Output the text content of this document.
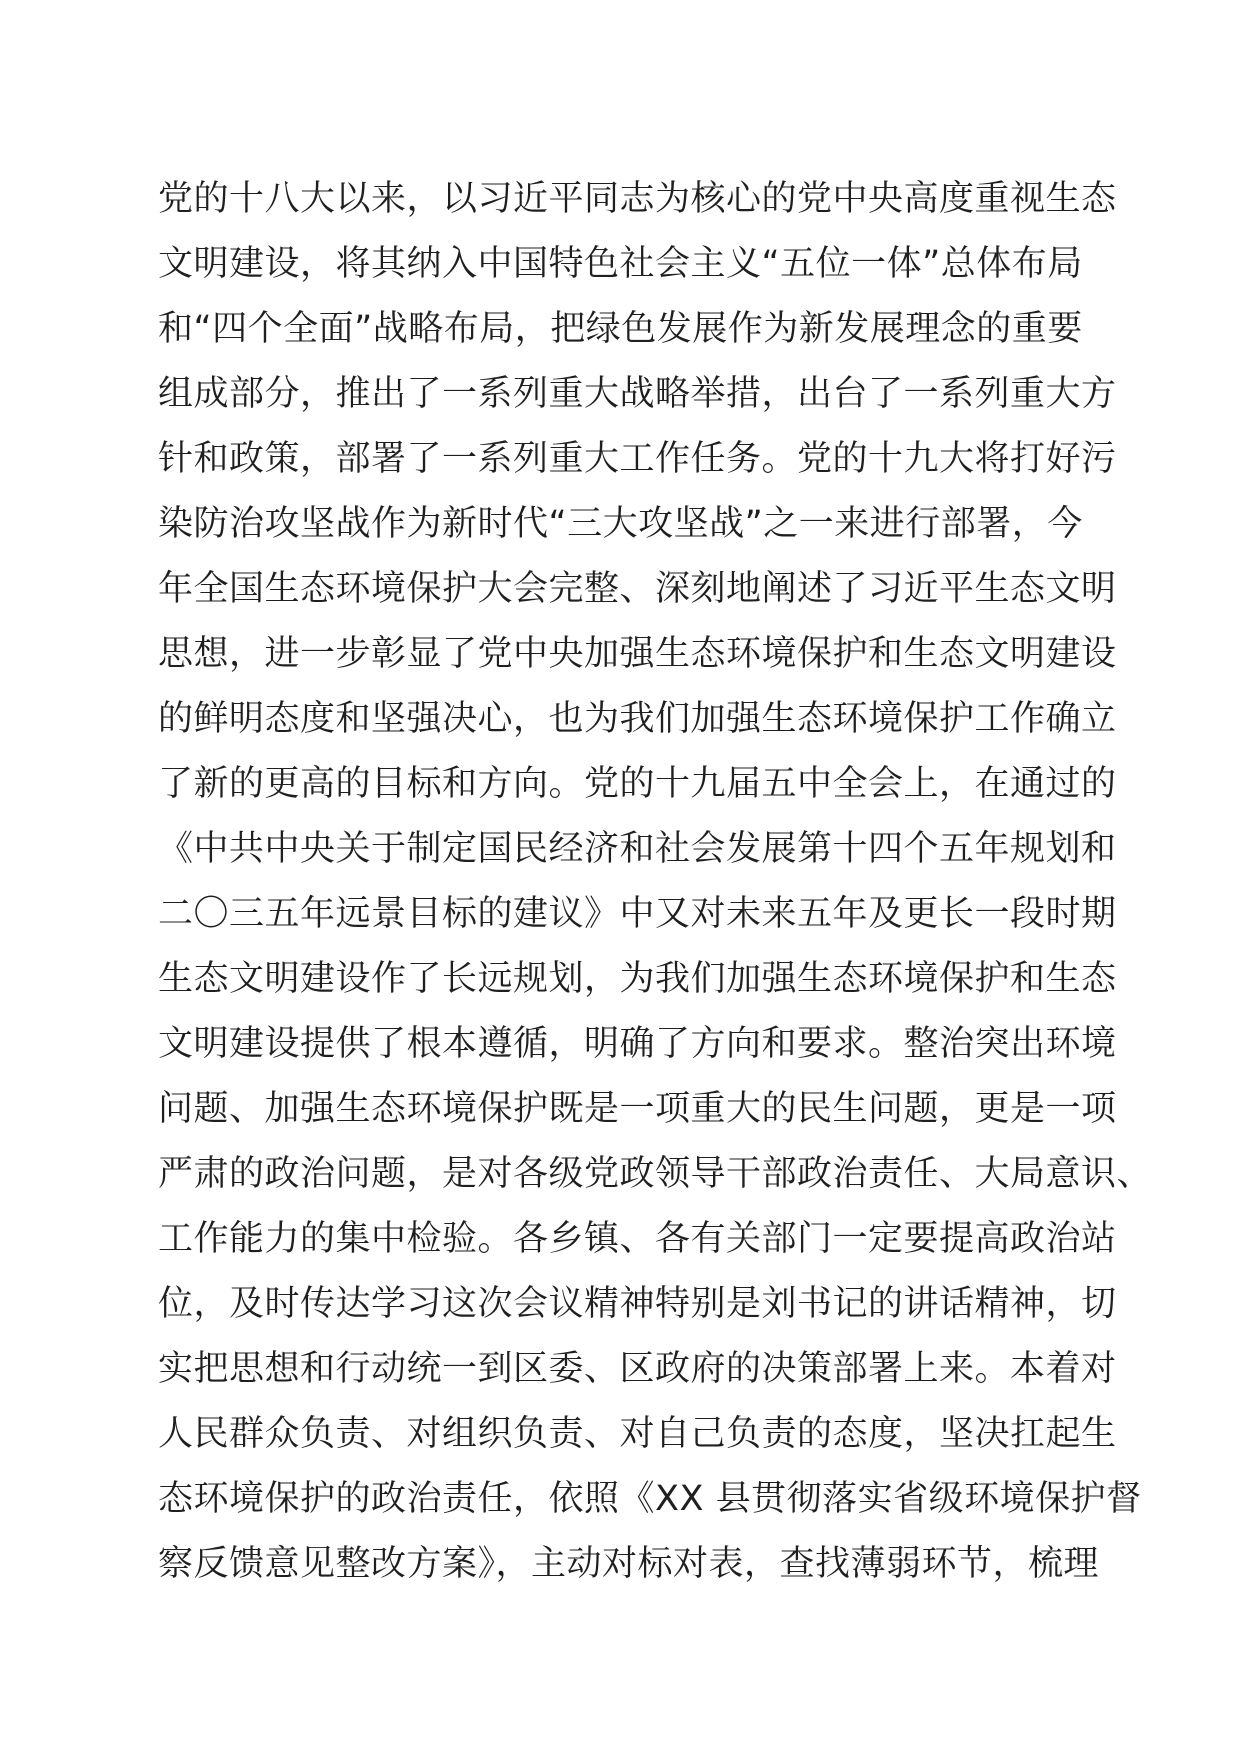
党的十八大以来，以习近平同志为核心的党中央高度重视生态
文明建设，将其纳入中国特色社会主义“五位一体”总体布局
和“四个全面”战略布局，把绿色发展作为新发展理念的重要
组成部分，推出了一系列重大战略举措，出台了一系列重大方
针和政策，部署了一系列重大工作任务。党的十九大将打好污
染防治攻坚战作为新时代“三大攻坚战”之一来进行部署，今
年全国生态环境保护大会完整、深刻地阐述了习近平生态文明
思想，进一步彰显了党中央加强生态环境保护和生态文明建设
的鲜明态度和坚强决心，也为我们加强生态环境保护工作确立
了新的更高的目标和方向。党的十九届五中全会上，在通过的
《中共中央关于制定国民经济和社会发展第十四个五年规划和
二〇三五年远景目标的建议》中又对未来五年及更长一段时期
生态文明建设作了长远规划，为我们加强生态环境保护和生态
文明建设提供了根本遵循，明确了方向和要求。整治突出环境
问题、加强生态环境保护既是一项重大的民生问题，更是一项
严肃的政治问题，是对各级党政领导干部政治责任、大局意识、
工作能力的集中检验。各乡镇、各有关部门一定要提高政治站
位，及时传达学习这次会议精神特别是刘书记的讲话精神，切
实把思想和行动统一到区委、区政府的决策部署上来。本着对
人民群众负责、对组织负责、对自己负责的态度，坚决扛起生
态环境保护的政治责任，依照《XX 县贯彻落实省级环境保护督
察反馈意见整改方案》，主动对标对表，查找薄弱环节，梳理
